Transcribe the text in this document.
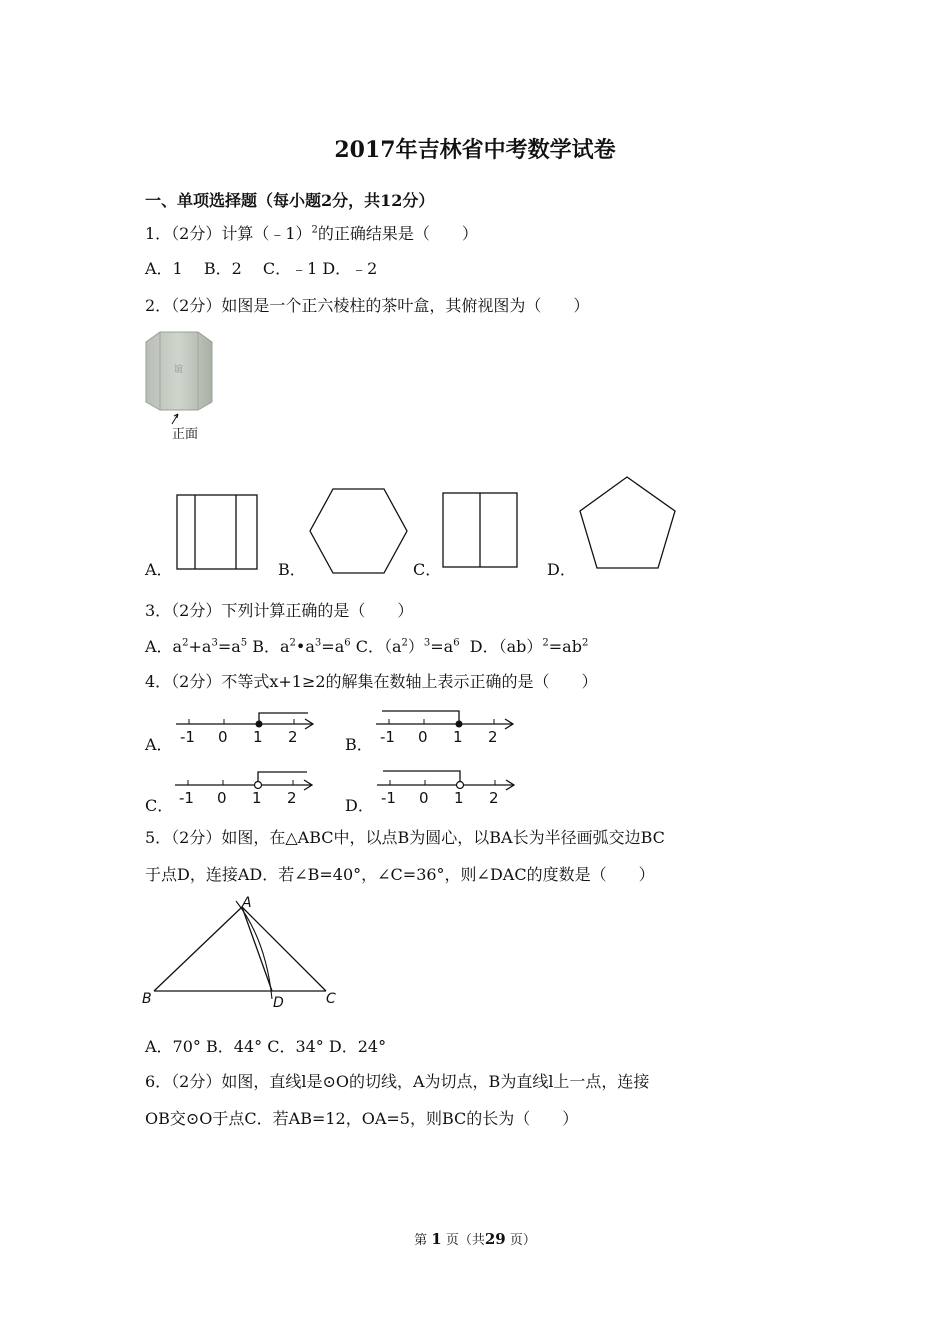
2017年吉林省中考数学试卷
一、单项选择题（每小题2分，共12分）
1．（2分）计算（﹣1）$^2$的正确结果是（　　）
A．1　 B．2　 C．﹣1 D．﹣2
2．（2分）如图是一个正六棱柱的茶叶盒，其俯视图为（　　）
谊
正面
A．	B．	C．	D．
3．（2分）下列计算正确的是（　　）
A．$a^2+a^3=a^5$ B．$a^2•a^3=a^6$ C．$(a^2)^3=a^6$ D．$(ab)^2=ab^2$
4．（2分）不等式x+1≥2的解集在数轴上表示正确的是（　　）
A． -1 0 1 2	B． -1 0 1 2
C． -1 0 1 2	D． -1 0 1 2
5．（2分）如图，在△ABC中，以点B为圆心，以BA长为半径画弧交边BC
于点D，连接AD．若∠B=40°，∠C=36°，则∠DAC的度数是（　　）
A
B	C
D
A．70° B．44° C．34° D．24°
6．（2分）如图，直线l是⊙O的切线，A为切点，B为直线l上一点，连接
OB交⊙O于点C．若AB=12，OA=5，则BC的长为（　　）
第 1 页（共29 页）
